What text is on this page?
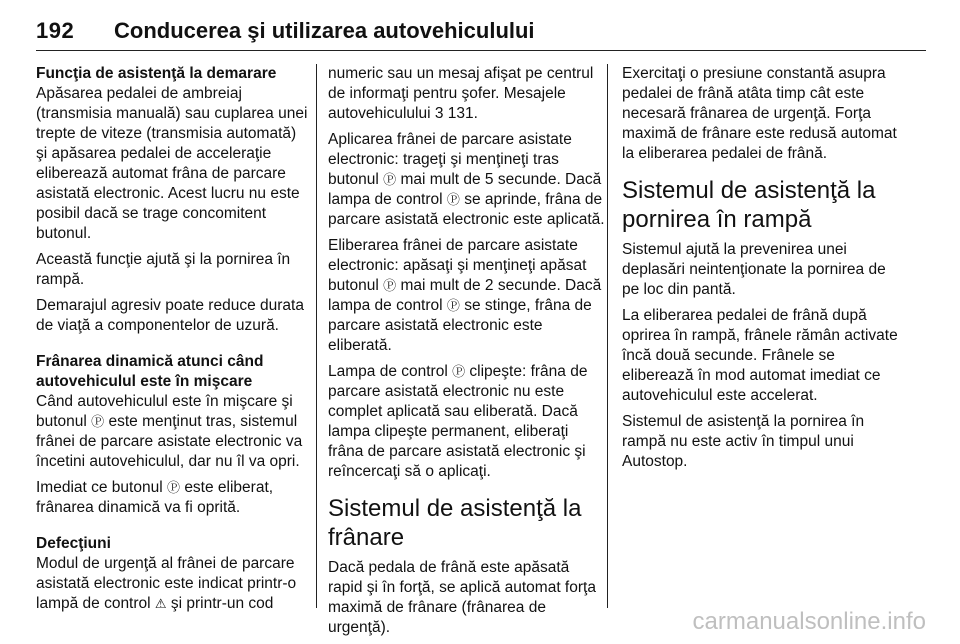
192 Conducerea şi utilizarea autovehiculului

Funcţia de asistenţă la demarare

Apăsarea pedalei de ambreiaj (transmisia manuală) sau cuplarea unei trepte de viteze (transmisia automată) şi apăsarea pedalei de acceleraţie eliberează automat frâna de parcare asistată electronic. Acest lucru nu este posibil dacă se trage concomitent butonul.

Această funcţie ajută şi la pornirea în rampă.

Demarajul agresiv poate reduce durata de viaţă a componentelor de uzură.

Frânarea dinamică atunci când autovehiculul este în mişcare

Când autovehiculul este în mişcare şi butonul Ⓟ este menţinut tras, sistemul frânei de parcare asistate electronic va încetini autovehiculul, dar nu îl va opri.

Imediat ce butonul Ⓟ este eliberat, frânarea dinamică va fi oprită.

Defecţiuni

Modul de urgenţă al frânei de parcare asistată electronic este indicat printr-o lampă de control ⚠ şi printr-un cod

numeric sau un mesaj afişat pe centrul de informaţi pentru şofer. Mesajele autovehiculului 3 131.

Aplicarea frânei de parcare asistate electronic: trageţi şi menţineţi tras butonul Ⓟ mai mult de 5 secunde. Dacă lampa de control Ⓟ se aprinde, frâna de parcare asistată electronic este aplicată.

Eliberarea frânei de parcare asistate electronic: apăsaţi şi menţineţi apăsat butonul Ⓟ mai mult de 2 secunde. Dacă lampa de control Ⓟ se stinge, frâna de parcare asistată electronic este eliberată.

Lampa de control Ⓟ clipeşte: frâna de parcare asistată electronic nu este complet aplicată sau eliberată. Dacă lampa clipeşte permanent, eliberaţi frâna de parcare asistată electronic şi reîncercaţi să o aplicaţi.

Sistemul de asistenţă la frânare

Dacă pedala de frână este apăsată rapid şi în forţă, se aplică automat forţa maximă de frânare (frânarea de urgenţă).

Exercitaţi o presiune constantă asupra pedalei de frână atâta timp cât este necesară frânarea de urgenţă. Forţa maximă de frânare este redusă automat la eliberarea pedalei de frână.

Sistemul de asistenţă la pornirea în rampă

Sistemul ajută la prevenirea unei deplasări neintenţionate la pornirea de pe loc din pantă.

La eliberarea pedalei de frână după oprirea în rampă, frânele rămân activate încă două secunde. Frânele se eliberează în mod automat imediat ce autovehiculul este accelerat.

Sistemul de asistenţă la pornirea în rampă nu este activ în timpul unui Autostop.

carmanualsonline.info
